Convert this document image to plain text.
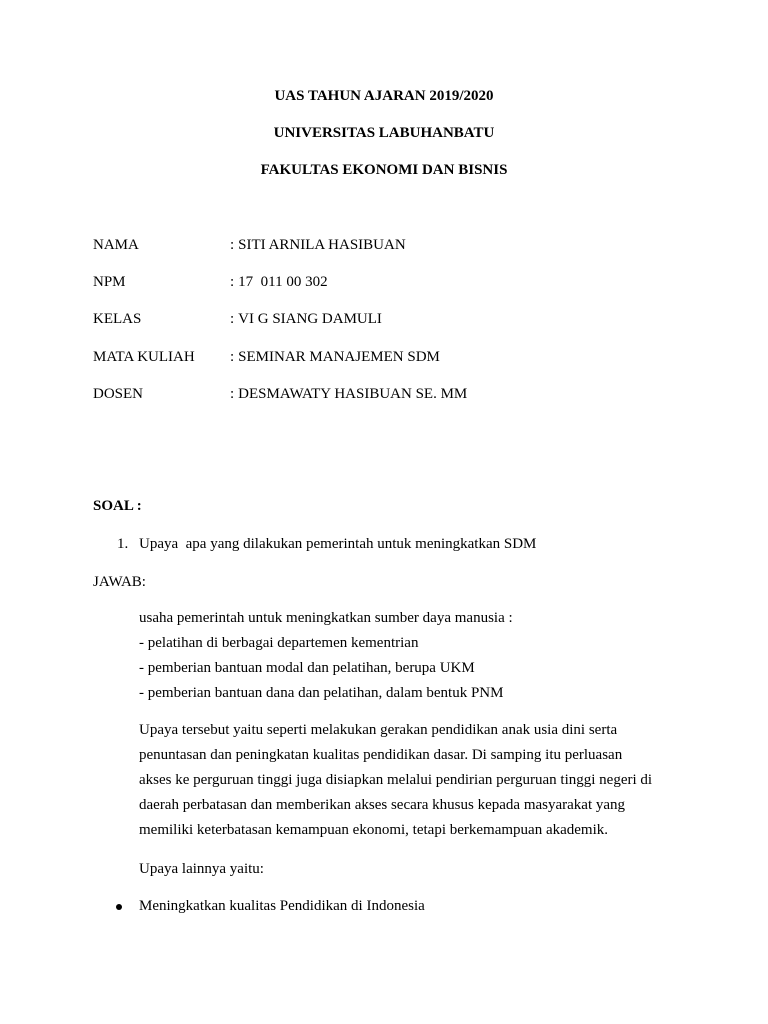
UAS TAHUN AJARAN 2019/2020
UNIVERSITAS LABUHANBATU
FAKULTAS EKONOMI DAN BISNIS
NAMA	: SITI ARNILA HASIBUAN
NPM	: 17  011 00 302
KELAS	: VI G SIANG DAMULI
MATA KULIAH : SEMINAR MANAJEMEN SDM
DOSEN	: DESMAWATY HASIBUAN SE. MM
SOAL :
1. Upaya  apa yang dilakukan pemerintah untuk meningkatkan SDM
JAWAB:
usaha pemerintah untuk meningkatkan sumber daya manusia :
- pelatihan di berbagai departemen kementrian
- pemberian bantuan modal dan pelatihan, berupa UKM
- pemberian bantuan dana dan pelatihan, dalam bentuk PNM
Upaya tersebut yaitu seperti melakukan gerakan pendidikan anak usia dini serta
penuntasan dan peningkatan kualitas pendidikan dasar. Di samping itu perluasan
akses ke perguruan tinggi juga disiapkan melalui pendirian perguruan tinggi negeri di
daerah perbatasan dan memberikan akses secara khusus kepada masyarakat yang
memiliki keterbatasan kemampuan ekonomi, tetapi berkemampuan akademik.
Upaya lainnya yaitu:
Meningkatkan kualitas Pendidikan di Indonesia
